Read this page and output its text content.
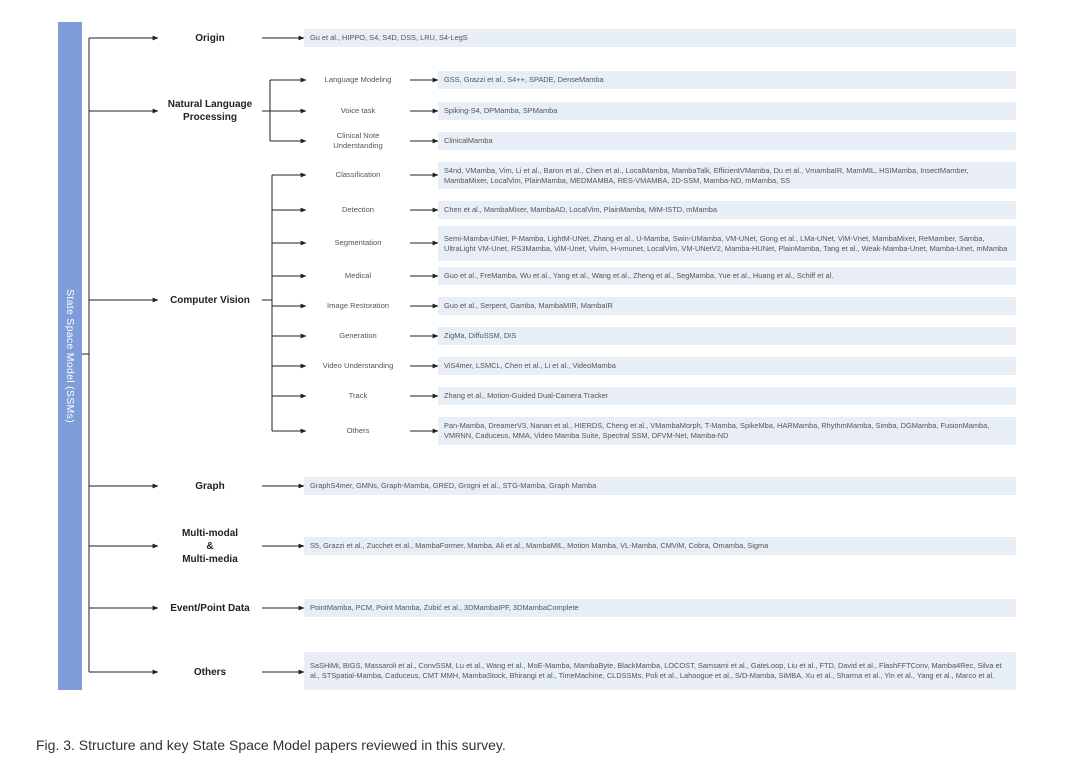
State Space Model (SSMs)
Origin
Natural Language Processing
Computer Vision
Graph
Multi-modal
&
Multi-media
Event/Point Data
Others
Language Modeling
Voice task
Clinical Note Understanding
Classification
Detection
Segmentation
Medical
Image Restoration
Generation
Video Understanding
Track
Others
Gu et al., HIPPO, S4, S4D, DSS, LRU, S4-LegS
GSS, Grazzi et al., S4++, SPADE, DenseMamba
Spiking-S4, DPMamba, SPMamba
ClinicalMamba
S4nd, VMamba, Vim, Li et al., Baron et al., Chen et al., LocalMamba, MambaTalk, EfficientVMamba, Du et al., VmambaIR, MamMIL, HSIMamba, InsectMamber, MambaMixer, LocalVim, PlainMamba, MEDMAMBA, RES-VMAMBA, 2D-SSM, Mamba-ND, mMamba, SS
Chen et al., MambaMixer, MambaAD, LocalVim, PlainMamba, MiM-ISTD, mMamba
Semi-Mamba-UNet, P-Mamba, LightM-UNet, Zhang et al., U-Mamba, Swin-UMamba, VM-UNet, Gong et al., LMa-UNet, ViM-Vnet, MambaMixer, ReMamber, Samba, UltraLight VM-Unet, RS3Mamba, ViM-Unet, Vivim, H-vmunet, LocalVim, VM-UNetV2, Mamba-HUNet, PlainMamba, Tang et al., Weak-Mamba-Unet, Mamba-Unet, mMamba
Guo et al., FreMamba, Wu et al., Yang et al., Wang et al., Zheng et al., SegMamba, Yue et al., Huang et al., Schiff et al.
Guo et al., Serpent, Gamba, MambaMIR, MambaIR
ZigMa, DiffuSSM, DIS
ViS4mer, LSMCL, Chen et al., Li et al., VideoMamba
Zhang et al., Motion-Guided Dual-Camera Tracker
Pan-Mamba, DreamerV3, Nanan et al., HIERDS, Cheng et al., VMambaMorph, T-Mamba, SpikeMba, HARMamba, RhythmMamba, Simba, DGMamba, FusionMamba, VMRNN, Caduceus, MMA, Video Mamba Suite, Spectral SSM, DFVM-Net, Mamba-ND
GraphS4mer, GMNs, Graph-Mamba, GRED, Grogni et al., STG-Mamba, Graph Mamba
S5, Grazzi et al., Zucchet et al., MambaFormer, Mamba, Ali et al., MambaMIL, Motion Mamba, VL-Mamba, CMViM, Cobra, Omamba, Sigma
PointMamba, PCM, Point Mamba, Zubić et al., 3DMambaIPF, 3DMambaComplete
SaSHiMi, BIGS, Massaroli et al., ConvSSM, Lu et al., Wang et al., MoE-Mamba, MambaByte, BlackMamba, LOCOST, Samsami et al., GateLoop, Liu et al., FTD, David et al., FlashFFTConv, Mamba4Rec, Silva et al., STSpatial-Mamba, Caduceus, CMT MMH, MambaStock, Bhirangi et al., TimeMachine, CLDSSMs, Poli et al., Lahoogue et al., S/D-Mamba, SiMBA, Xu et al., Sharma et al., Yin et al., Yang et al., Marco et al.
Fig. 3. Structure and key State Space Model papers reviewed in this survey.
